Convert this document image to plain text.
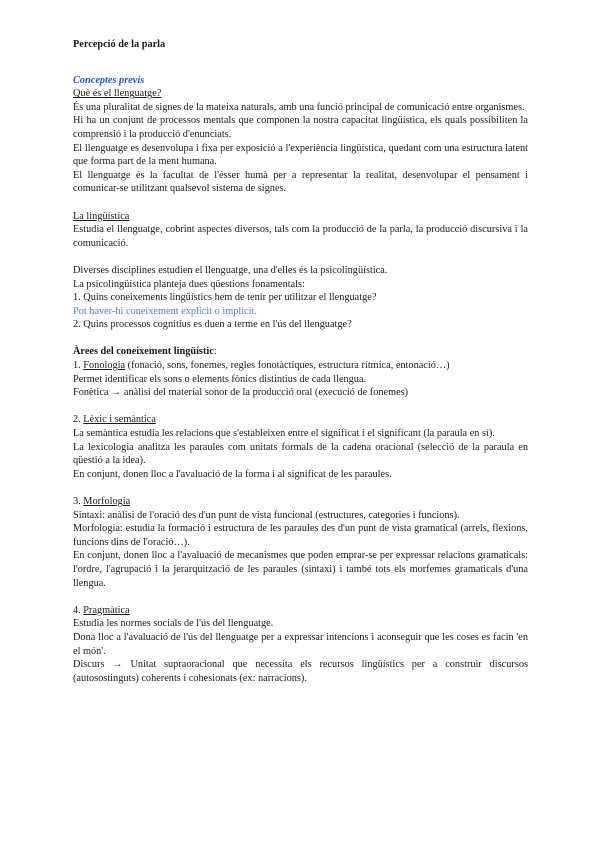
Percepció de la parla

Conceptes previs

Què és el llenguatge?

És una pluralitat de signes de la mateixa naturals, amb una funció principal de comunicació entre organismes.

Hi ha un conjunt de processos mentals que componen la nostra capacitat lingüística, els quals possibiliten la comprensió i la producció d'enunciats.

El llenguatge es desenvolupa i fixa per exposició a l'experiència lingüística, quedant com una estructura latent que forma part de la ment humana.

El llenguatge és la facultat de l'ésser humà per a representar la realitat, desenvolupar el pensament i comunicar-se utilitzant qualsevol sistema de signes.

La lingüística

Estudia el llenguatge, cobrint aspectes diversos, tals com la producció de la parla, la producció discursiva i la comunicació.

Diverses disciplines estudien el llenguatge, una d'elles és la psicolingüística.

La psicolingüística planteja dues qüestions fonamentals:

1. Quins coneixements lingüístics hem de tenir per utilitzar el llenguatge?

Pot haver-hi coneixement explícit o implícit.

2. Quins processos cognitius es duen a terme en l'ús del llenguatge?

Àrees del coneixement lingüístic:

1. Fonologia (fonació, sons, fonemes, regles fonotàctiques, estructura rítmica, entonació…)

Permet identificar els sons o elements fònics distintius de cada llengua.

Fonètica → anàlisi del material sonor de la producció oral (execució de fonemes)

2. Lèxic i semàntica

La semàntica estudia les relacions que s'estableixen entre el significat i el significant (la paraula en sí).

La lexicologia analitza les paraules com unitats formals de la cadena oracional (selecció de la paraula en qüestió a la idea).

En conjunt, donen lloc a l'avaluació de la forma i al significat de les paraules.

3. Morfologia

Sintaxi: anàlisi de l'oració des d'un punt de vista funcional (estructures, categories i funcions).

Morfologia: estudia la formació i estructura de les paraules des d'un punt de vista gramatical (arrels, flexions, funcions dins de l'oració…).

En conjunt, donen lloc a l'avaluació de mecanismes que poden emprar-se per expressar relacions gramaticals: l'ordre, l'agrupació i la jerarquització de les paraules (sintaxi) i també tots els morfemes gramaticals d'una llengua.

4. Pragmàtica

Estudia les normes socials de l'ús del llenguatge.

Dona lloc a l'avaluació de l'ús del llenguatge per a expressar intencions i aconseguir que les coses es facin 'en el món'.

Discurs → Unitat supraoracional que necessita els recursos lingüístics per a construir discursos (autosostinguts) coherents i cohesionats (ex: narracions).
